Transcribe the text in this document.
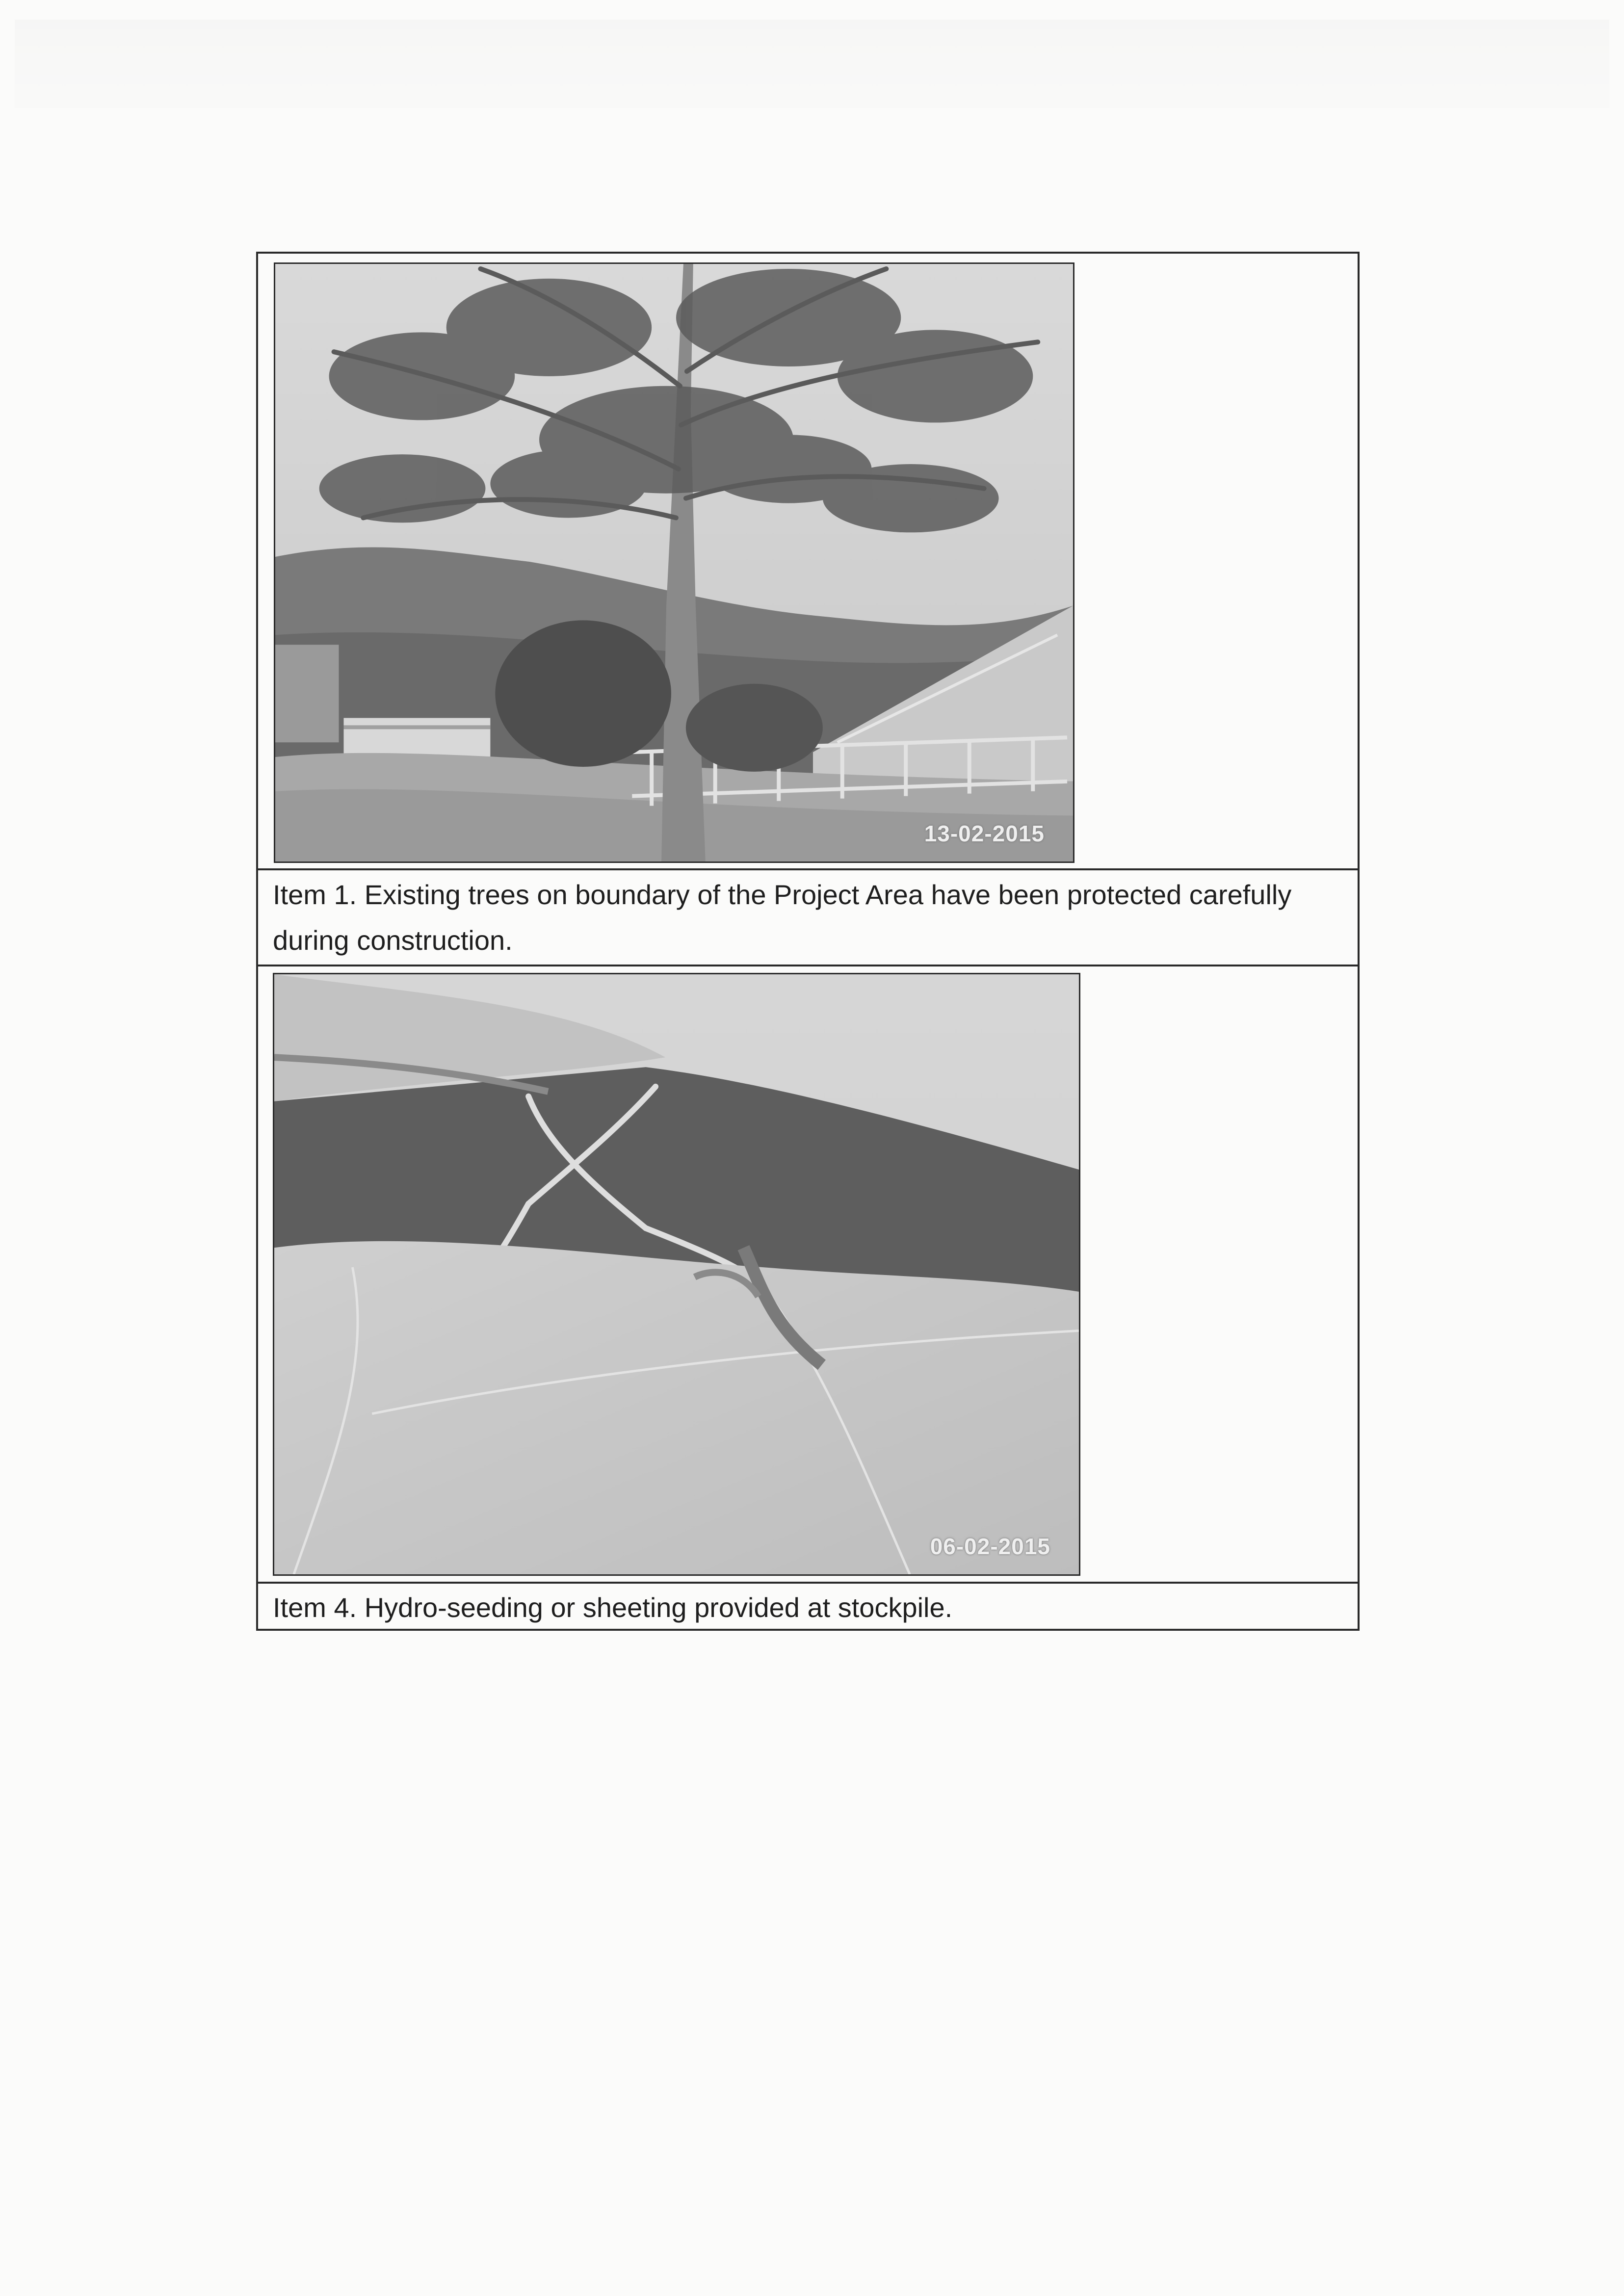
13-02-2015
Item 1. Existing trees on boundary of the Project Area have been protected carefully during construction.
06-02-2015
Item 4. Hydro-seeding or sheeting provided at stockpile.
